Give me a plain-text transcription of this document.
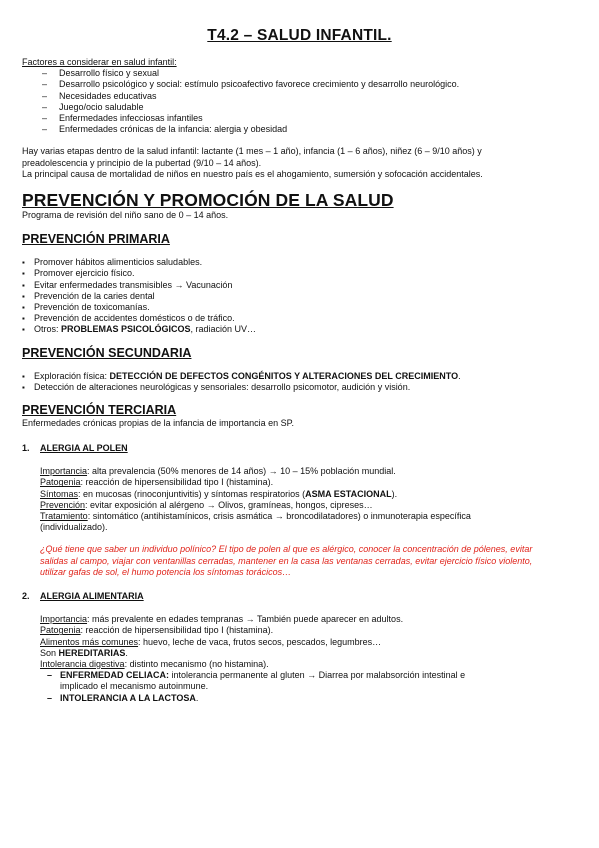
T4.2 – SALUD INFANTIL.
Factores a considerar en salud infantil:
– Desarrollo físico y sexual
– Desarrollo psicológico y social: estímulo psicoafectivo favorece crecimiento y desarrollo neurológico.
– Necesidades educativas
– Juego/ocio saludable
– Enfermedades infecciosas infantiles
– Enfermedades crónicas de la infancia: alergia y obesidad

Hay varias etapas dentro de la salud infantil: lactante (1 mes – 1 año), infancia (1 – 6 años), niñez (6 – 9/10 años) y

preadolescencia y principio de la pubertad (9/10 – 14 años).

La principal causa de mortalidad de niños en nuestro país es el ahogamiento, sumersión y sofocación accidentales.

PREVENCIÓN Y PROMOCIÓN DE LA SALUD
Programa de revisión del niño sano de 0 – 14 años.
PREVENCIÓN PRIMARIA
▪ Promover hábitos alimenticios saludables.
▪ Promover ejercicio físico.
▪ Evitar enfermedades transmisibles → Vacunación
▪ Prevención de la caries dental
▪ Prevención de toxicomanías.
▪ Prevención de accidentes domésticos o de tráfico.
▪ Otros: PROBLEMAS PSICOLÓGICOS, radiación UV…
PREVENCIÓN SECUNDARIA
▪ Exploración física: DETECCIÓN DE DEFECTOS CONGÉNITOS Y ALTERACIONES DEL CRECIMIENTO.
▪ Detección de alteraciones neurológicas y sensoriales: desarrollo psicomotor, audición y visión.
PREVENCIÓN TERCIARIA
Enfermedades crónicas propias de la infancia de importancia en SP.
1. ALERGIA AL POLEN
Importancia: alta prevalencia (50% menores de 14 años) → 10 – 15% población mundial.
Patogenia: reacción de hipersensibilidad tipo I (histamina).
Síntomas: en mucosas (rinoconjuntivitis) y síntomas respiratorios (ASMA ESTACIONAL).
Prevención: evitar exposición al alérgeno → Olivos, gramíneas, hongos, cipreses…
Tratamiento: sintomático (antihistamínicos, crisis asmática → broncodilatadores) o inmunoterapia específica
(individualizado).
¿Qué tiene que saber un individuo polínico? El tipo de polen al que es alérgico, conocer la concentración de pólenes, evitar
salidas al campo, viajar con ventanillas cerradas, mantener en la casa las ventanas cerradas, evitar ejercicio físico violento,
utilizar gafas de sol, el humo potencia los síntomas torácicos…
2. ALERGIA ALIMENTARIA
Importancia: más prevalente en edades tempranas → También puede aparecer en adultos.
Patogenia: reacción de hipersensibilidad tipo I (histamina).
Alimentos más comunes: huevo, leche de vaca, frutos secos, pescados, legumbres…
Son HEREDITARIAS.
Intolerancia digestiva: distinto mecanismo (no histamina).
– ENFERMEDAD CELIACA: intolerancia permanente al gluten → Diarrea por malabsorción intestinal e
implicado el mecanismo autoinmune.
– INTOLERANCIA A LA LACTOSA.
